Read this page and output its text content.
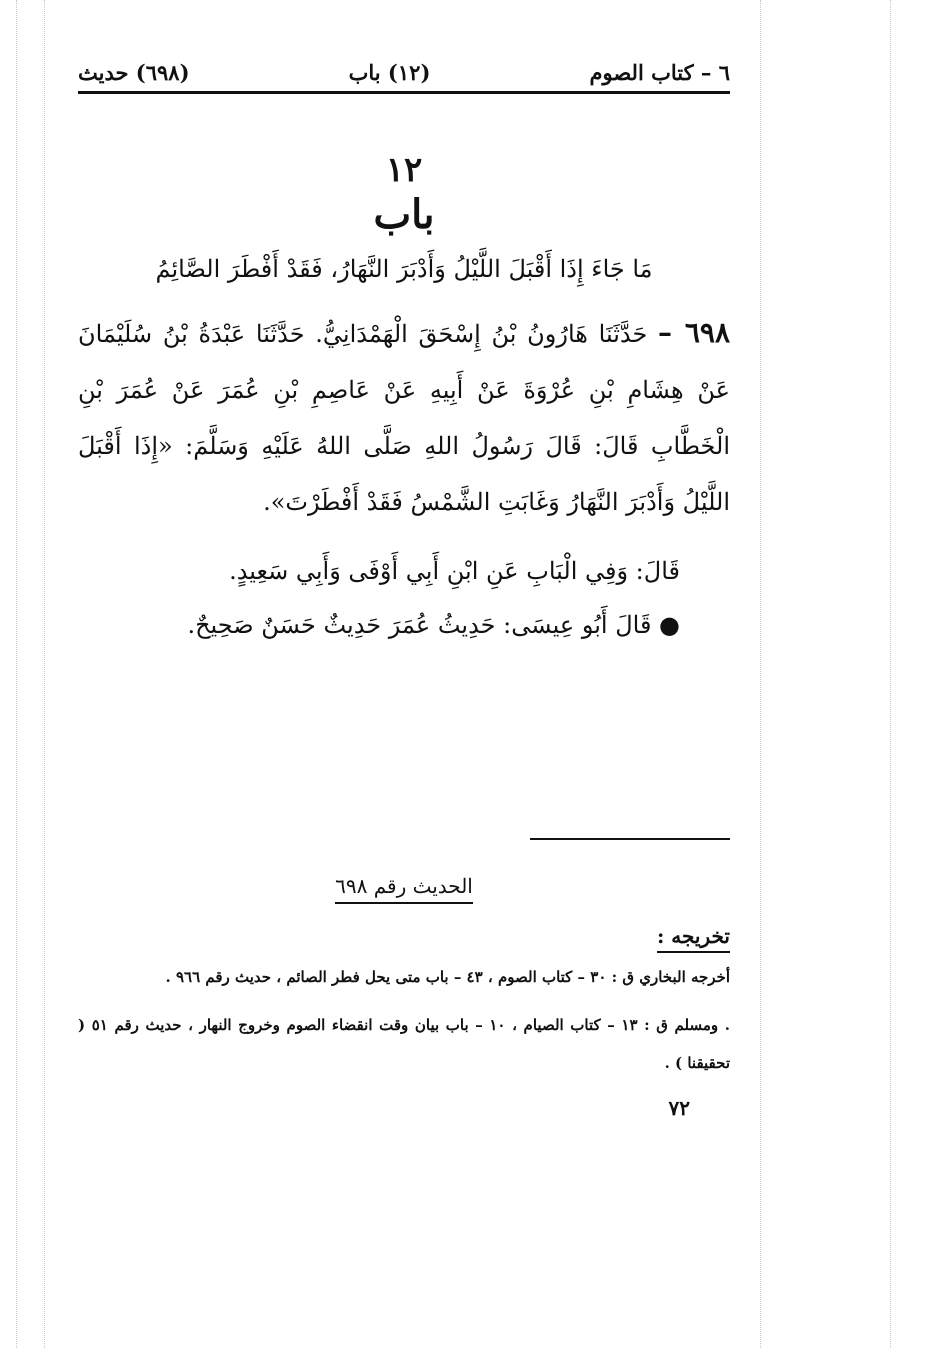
٦ – كتاب الصوم
(١٢) باب
(٦٩٨) حديث
١٢
باب
مَا جَاءَ إِذَا أَقْبَلَ اللَّيْلُ وَأَدْبَرَ النَّهَارُ، فَقَدْ أَفْطَرَ الصَّائِمُ
٦٩٨ – حَدَّثَنَا هَارُونُ بْنُ إِسْحَقَ الْهَمْدَانِيُّ. حَدَّثَنَا عَبْدَةُ بْنُ سُلَيْمَانَ عَنْ هِشَامِ بْنِ عُرْوَةَ عَنْ أَبِيهِ عَنْ عَاصِمِ بْنِ عُمَرَ عَنْ عُمَرَ بْنِ الْخَطَّابِ قَالَ: قَالَ رَسُولُ اللهِ صَلَّى اللهُ عَلَيْهِ وَسَلَّمَ: «إِذَا أَقْبَلَ اللَّيْلُ وَأَدْبَرَ النَّهَارُ وَغَابَتِ الشَّمْسُ فَقَدْ أَفْطَرْتَ».
قَالَ: وَفِي الْبَابِ عَنِ ابْنِ أَبِي أَوْفَى وَأَبِي سَعِيدٍ.
● قَالَ أَبُو عِيسَى: حَدِيثُ عُمَرَ حَدِيثٌ حَسَنٌ صَحِيحٌ.
الحديث رقم ٦٩٨
تخريجه :
أخرجه البخاري ق : ٣٠ – كتاب الصوم ، ٤٣ – باب متى يحل فطر الصائم ، حديث رقم ٩٦٦ .
. ومسلم ق : ١٣ – كتاب الصيام ، ١٠ – باب بيان وقت انقضاء الصوم وخروج النهار ، حديث رقم ٥١ ( تحقيقنا ) .
٧٢
